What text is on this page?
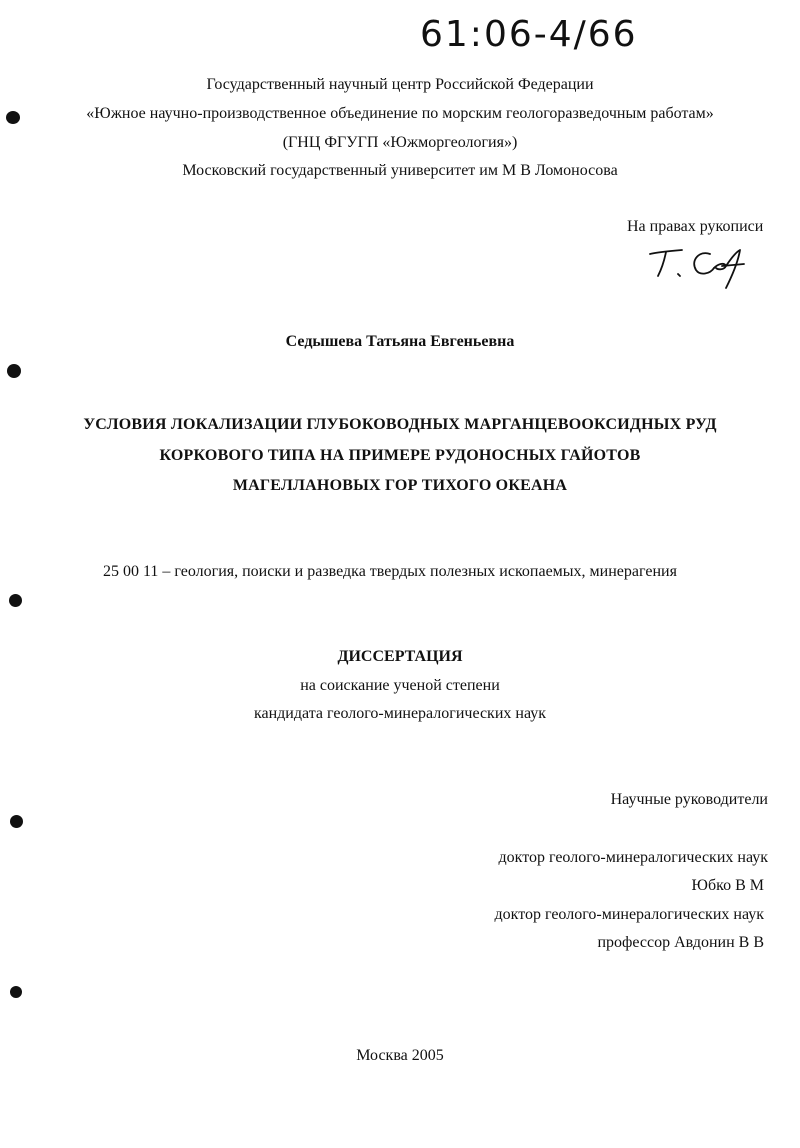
61:06-4/66
Государственный научный центр Российской Федерации
«Южное научно-производственное объединение по морским геологоразведочным работам»
(ГНЦ ФГУГП «Южморгеология»)
Московский государственный университет им М В Ломоносова
На правах рукописи
Седышева Татьяна Евгеньевна
УСЛОВИЯ ЛОКАЛИЗАЦИИ ГЛУБОКОВОДНЫХ МАРГАНЦЕВООКСИДНЫХ РУД
КОРКОВОГО ТИПА НА ПРИМЕРЕ РУДОНОСНЫХ ГАЙОТОВ
МАГЕЛЛАНОВЫХ ГОР ТИХОГО ОКЕАНА
25 00 11 – геология, поиски и разведка твердых полезных ископаемых, минерагения
ДИССЕРТАЦИЯ
на соискание ученой степени
кандидата геолого-минералогических наук
Научные руководители
доктор геолого-минералогических наук
Юбко В М
доктор геолого-минералогических наук
профессор Авдонин В В
Москва 2005
